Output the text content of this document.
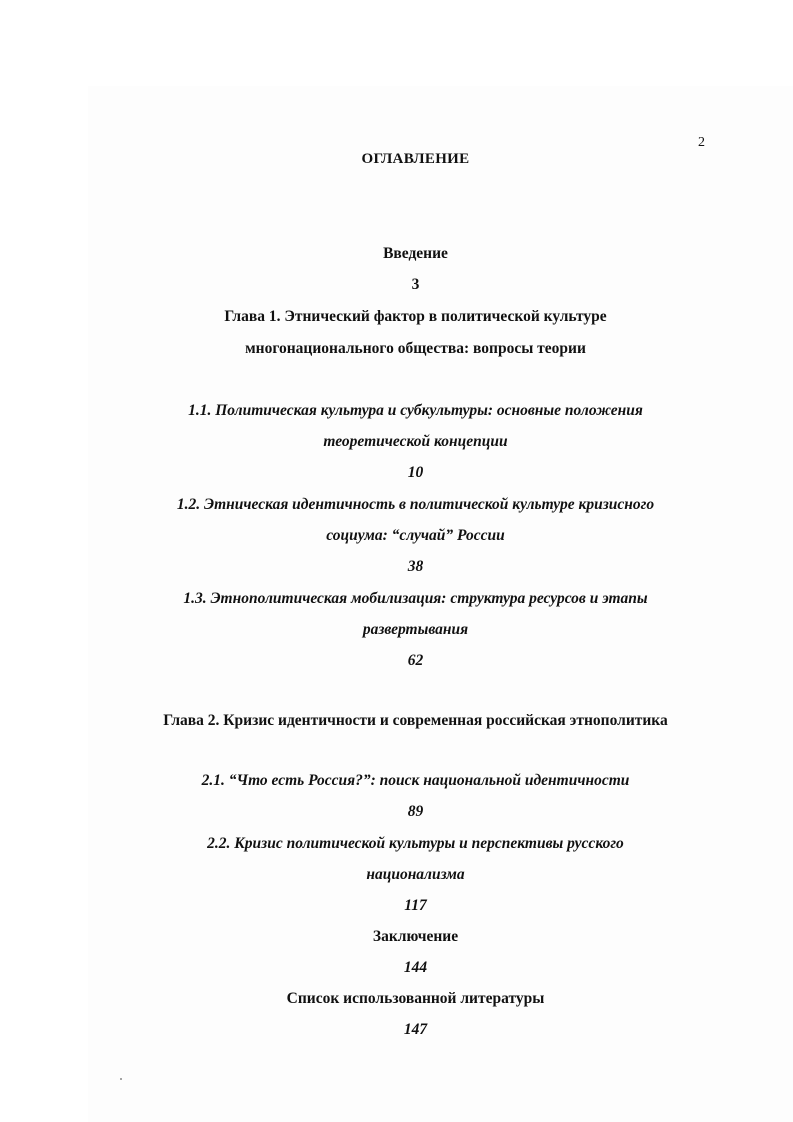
2
ОГЛАВЛЕНИЕ
Введение
3
Глава 1. Этнический фактор в политической культуре
многонационального общества: вопросы теории
1.1. Политическая культура и субкультуры: основные положения
теоретической концепции
10
1.2. Этническая идентичность в политической культуре кризисного
социума: “случай” России
38
1.3. Этнополитическая мобилизация: структура ресурсов и этапы
развертывания
62
Глава 2. Кризис идентичности и современная российская этнополитика
2.1. “Что есть Россия?”: поиск национальной идентичности
89
2.2. Кризис политической культуры и перспективы русского
национализма
117
Заключение
144
Список использованной литературы
147
